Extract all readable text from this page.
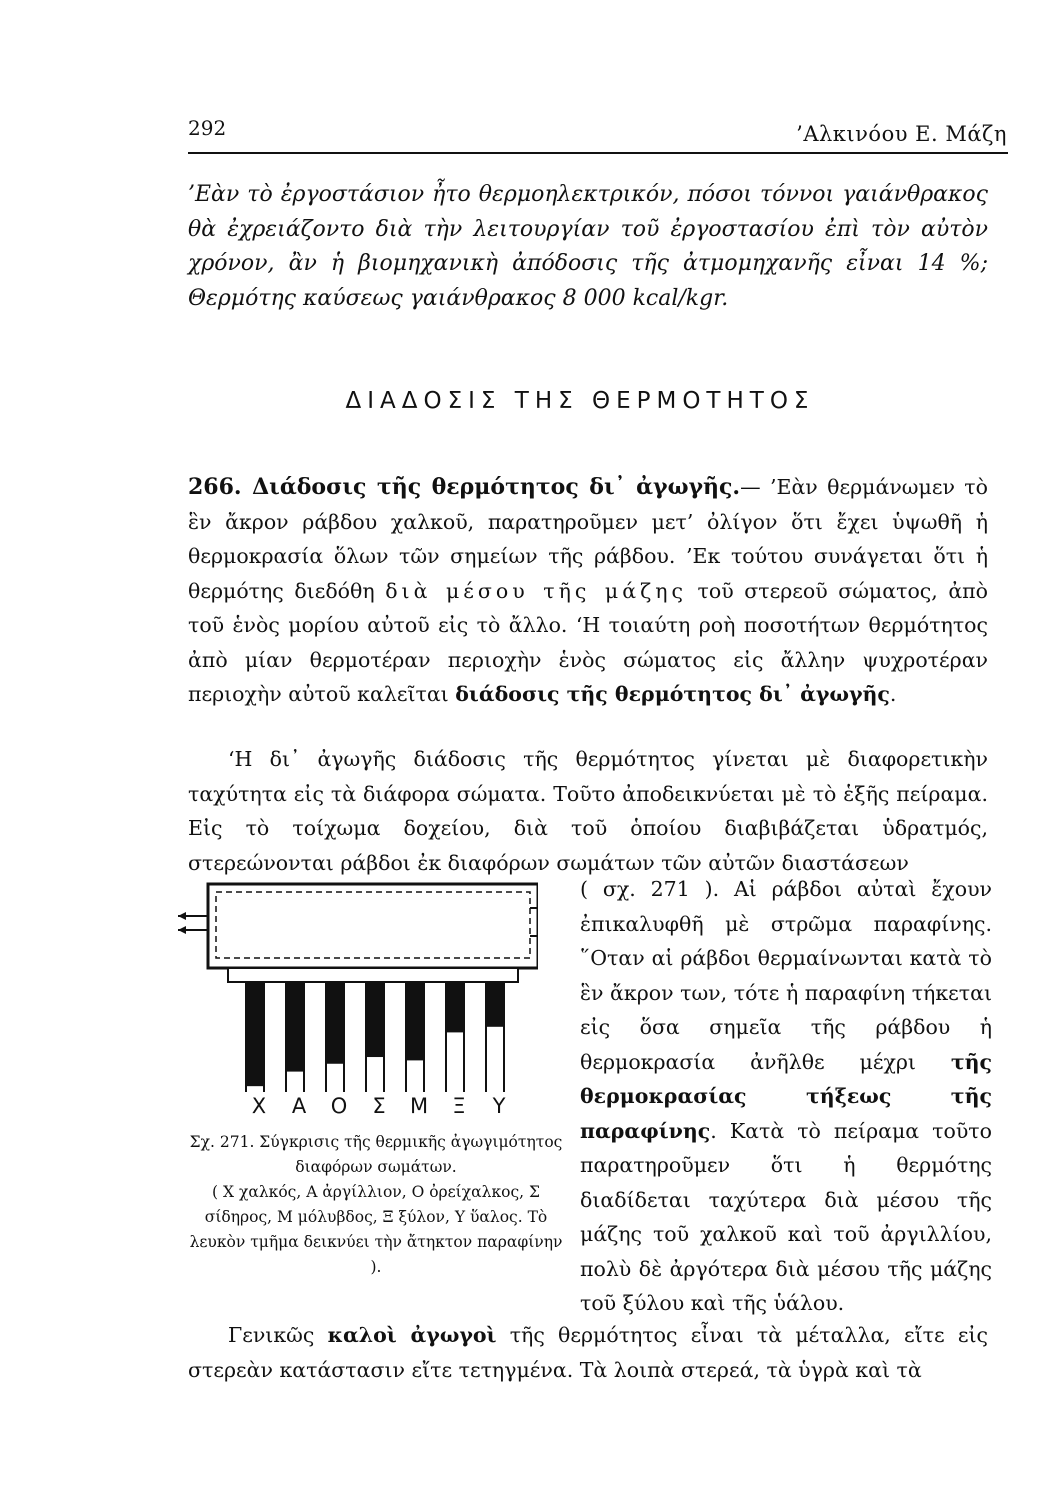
292	’Αλκινόου Ε. Μάζη
’Εὰν τὸ ἐργοστάσιον ἦτο θερμοηλεκτρικόν, πόσοι τόννοι γαιάνθρακος θὰ ἐχρειάζοντο διὰ τὴν λειτουργίαν τοῦ ἐργοστασίου ἐπὶ τὸν αὐτὸν χρόνον, ἂν ἡ βιομηχανικὴ ἀπόδοσις τῆς ἀτμομηχανῆς εἶναι 14 %; Θερμότης καύσεως γαιάνθρακος 8 000 kcal/kgr.
ΔΙΑΔΟΣΙΣ ΤΗΣ ΘΕΡΜΟΤΗΤΟΣ
266. Διάδοσις τῆς θερμότητος δι᾽ ἀγωγῆς.— ’Εὰν θερμάνωμεν τὸ ἓν ἄκρον ράβδου χαλκοῦ, παρατηροῦμεν μετ’ ὀλίγον ὅτι ἔχει ὑψωθῆ ἡ θερμοκρασία ὅλων τῶν σημείων τῆς ράβδου. ’Εκ τούτου συνάγεται ὅτι ἡ θερμότης διεδόθη διὰ μέσου τῆς μάζης τοῦ στερεοῦ σώματος, ἀπὸ τοῦ ἑνὸς μορίου αὐτοῦ εἰς τὸ ἄλλο. ‘Η τοιαύτη ροὴ ποσοτήτων θερμότητος ἀπὸ μίαν θερμοτέραν περιοχὴν ἑνὸς σώματος εἰς ἄλλην ψυχροτέραν περιοχὴν αὐτοῦ καλεῖται διάδοσις τῆς θερμότητος δι᾽ ἀγωγῆς.
‘Η δι᾽ ἀγωγῆς διάδοσις τῆς θερμότητος γίνεται μὲ διαφορετικὴν ταχύτητα εἰς τὰ διάφορα σώματα. Τοῦτο ἀποδεικνύεται μὲ τὸ ἑξῆς πείραμα. Εἰς τὸ τοίχωμα δοχείου, διὰ τοῦ ὁποίου διαβιβάζεται ὑδρατμός, στερεώνονται ράβδοι ἐκ διαφόρων σωμάτων τῶν αὐτῶν διαστάσεων
( σχ. 271 ). Αἱ ράβδοι αὐταὶ ἔχουν ἐπικαλυφθῆ μὲ στρῶμα παραφίνης. ῞Οταν αἱ ράβδοι θερμαίνωνται κατὰ τὸ ἓν ἄκρον των, τότε ἡ παραφίνη τήκεται εἰς ὅσα σημεῖα τῆς ράβδου ἡ θερμοκρασία ἀνῆλθε μέχρι τῆς θερμοκρασίας τήξεως τῆς παραφίνης. Κατὰ τὸ πείραμα τοῦτο παρατηροῦμεν ὅτι ἡ θερμότης διαδίδεται ταχύτερα διὰ μέσου τῆς μάζης τοῦ χαλκοῦ καὶ τοῦ ἀργιλλίου, πολὺ δὲ ἀργότερα διὰ μέσου τῆς μάζης τοῦ ξύλου καὶ τῆς ὑάλου.
Χ	Α	Ο	Σ	Μ	Ξ	Υ
Σχ. 271. Σύγκρισις τῆς θερμικῆς ἀγωγιμότητος διαφόρων σωμάτων.
( Χ χαλκός, Α ἀργίλλιον, Ο ὀρείχαλκος, Σ σίδηρος, Μ μόλυβδος, Ξ ξύλον, Υ ὕαλος. Τὸ λευκὸν τμῆμα δεικνύει τὴν ἄτηκτον παραφίνην ).
Γενικῶς καλοὶ ἀγωγοὶ τῆς θερμότητος εἶναι τὰ μέταλλα, εἴτε εἰς στερεὰν κατάστασιν εἴτε τετηγμένα. Τὰ λοιπὰ στερεά, τὰ ὑγρὰ καὶ τὰ
